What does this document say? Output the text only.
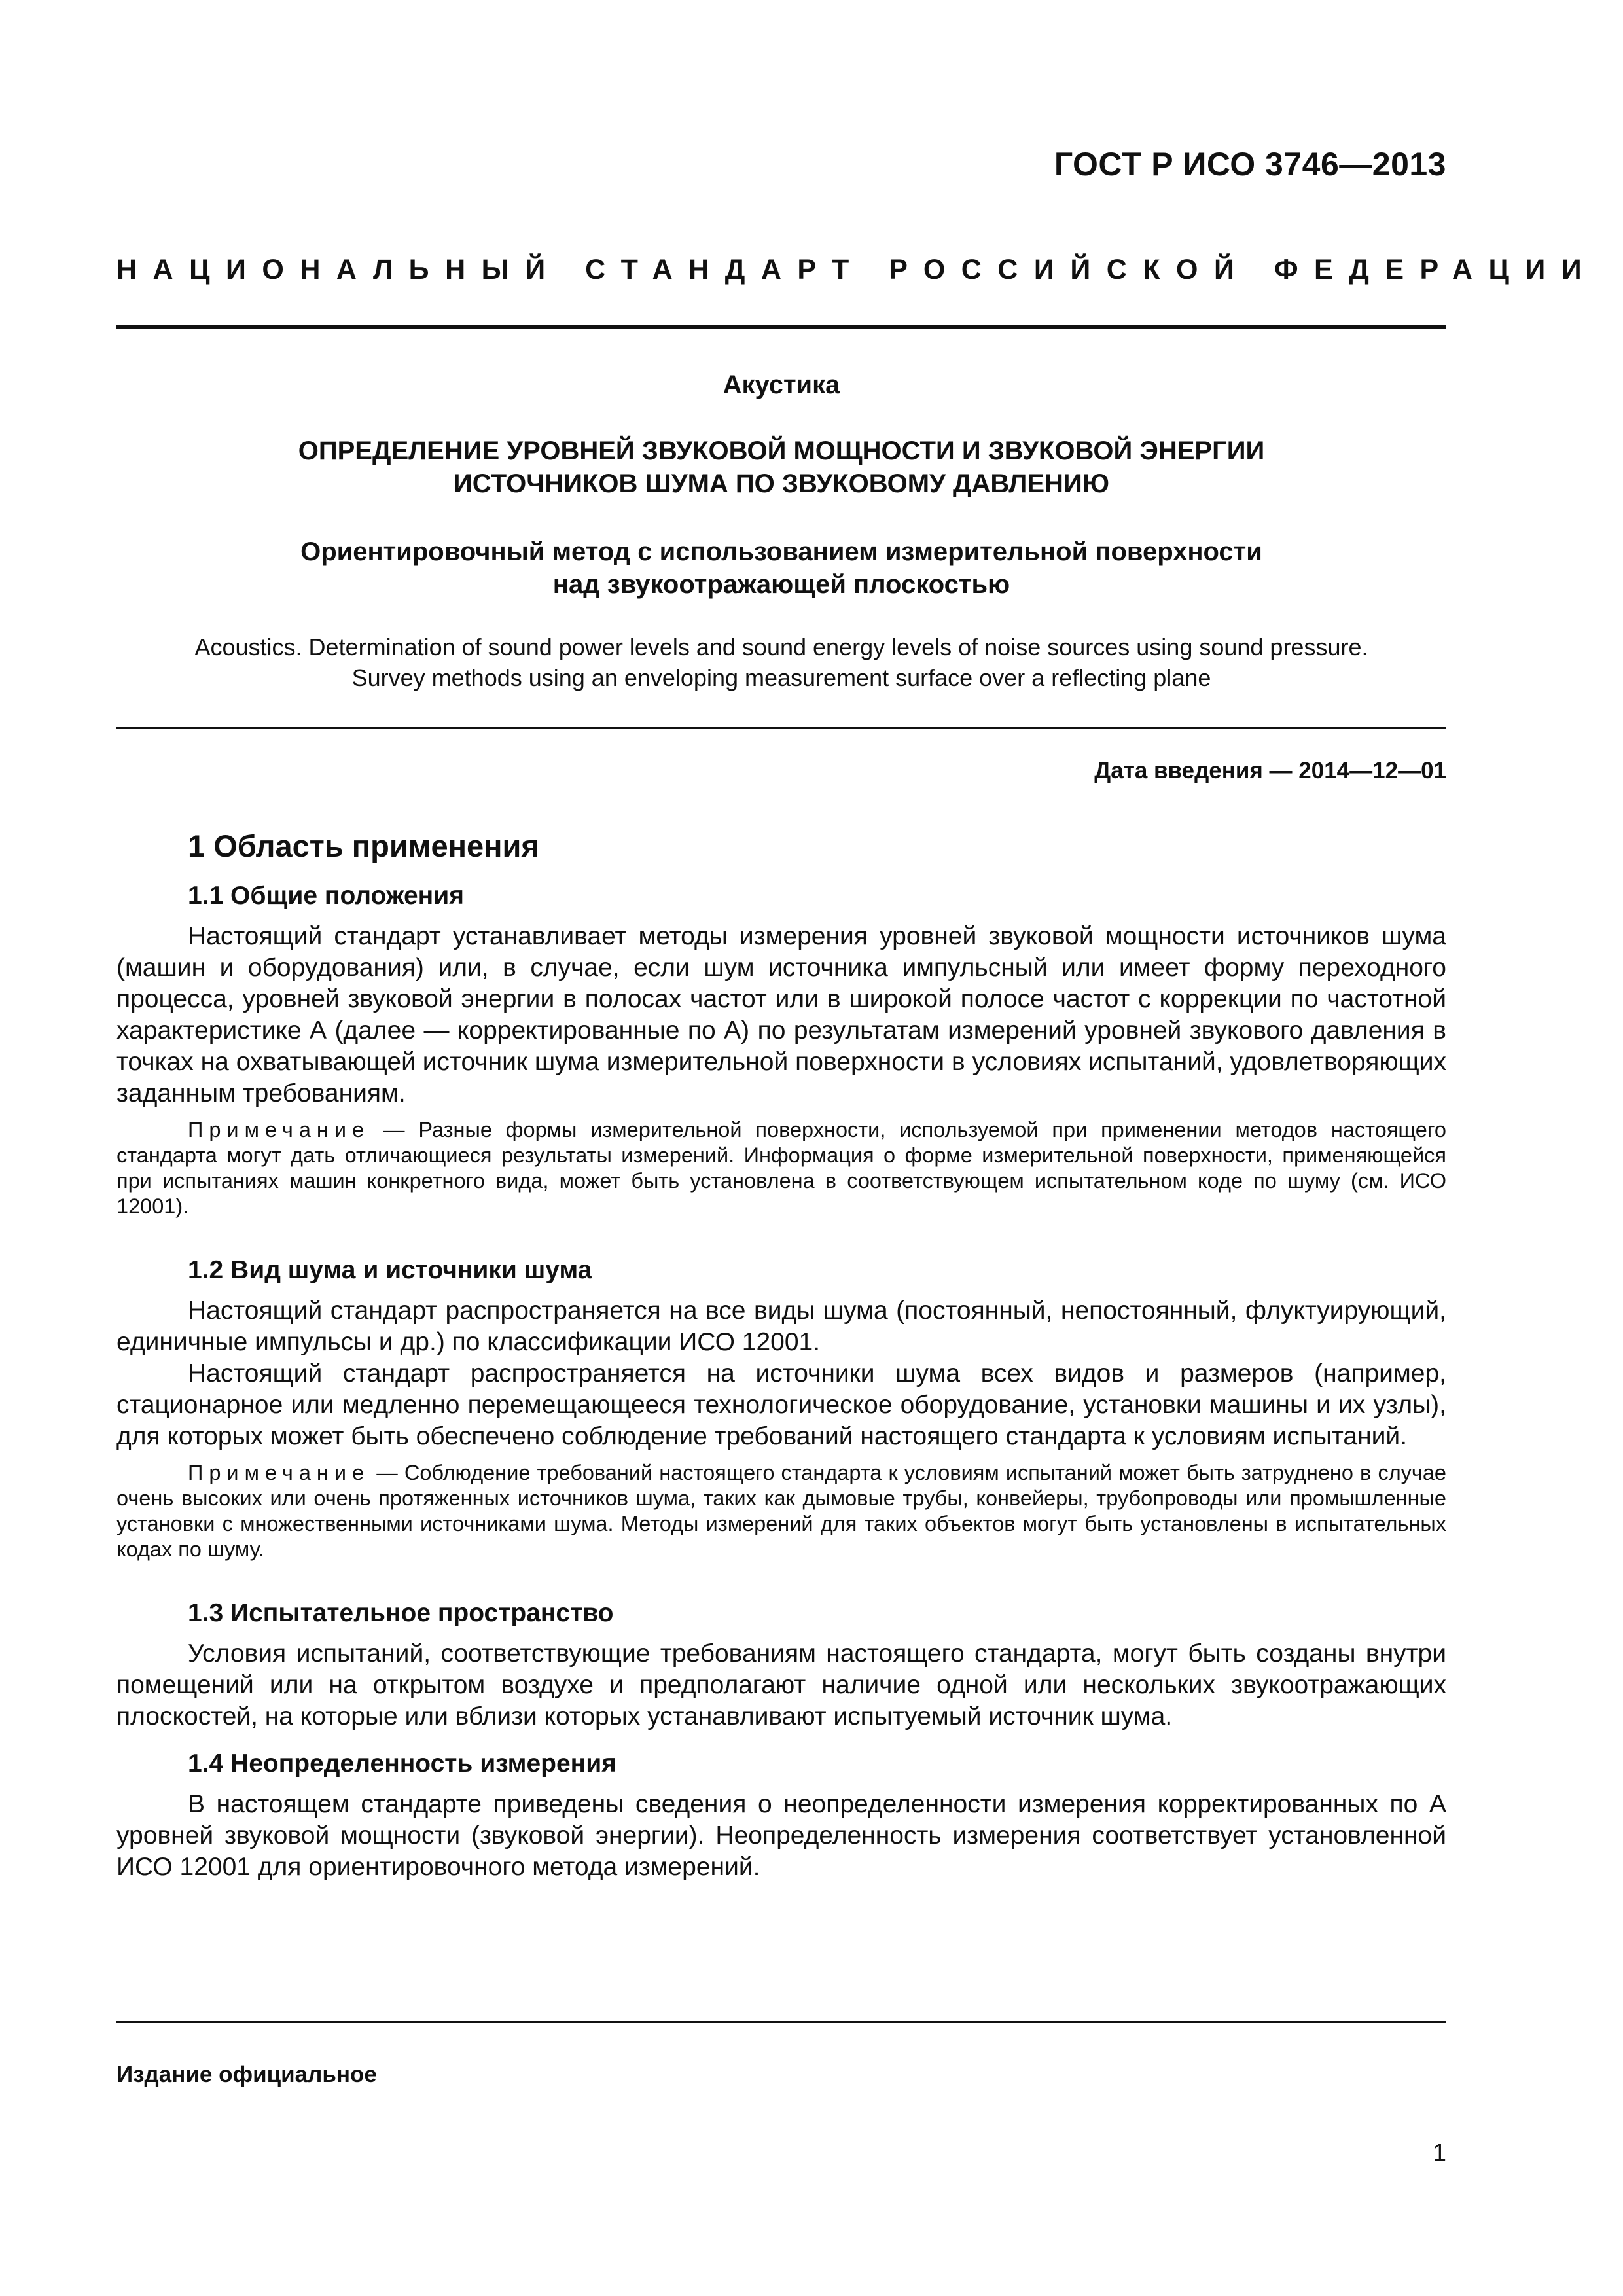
ГОСТ Р ИСО 3746—2013
НАЦИОНАЛЬНЫЙ СТАНДАРТ РОССИЙСКОЙ ФЕДЕРАЦИИ
Акустика
ОПРЕДЕЛЕНИЕ УРОВНЕЙ ЗВУКОВОЙ МОЩНОСТИ И ЗВУКОВОЙ ЭНЕРГИИ
ИСТОЧНИКОВ ШУМА ПО ЗВУКОВОМУ ДАВЛЕНИЮ
Ориентировочный метод с использованием измерительной поверхности
над звукоотражающей плоскостью
Acoustics. Determination of sound power levels and sound energy levels of noise sources using sound pressure.
Survey methods using an enveloping measurement surface over a reflecting plane
Дата введения — 2014—12—01
1 Область применения
1.1 Общие положения

Настоящий стандарт устанавливает методы измерения уровней звуковой мощности источников шума (машин и оборудования) или, в случае, если шум источника импульсный или имеет форму переходного процесса, уровней звуковой энергии в полосах частот или в широкой полосе частот с коррекции по частотной характеристике А (далее — корректированные по А) по результатам измерений уровней звукового давления в точках на охватывающей источник шума измерительной поверхности в условиях испытаний, удовлетворяющих заданным требованиям.

Примечание — Разные формы измерительной поверхности, используемой при применении методов настоящего стандарта могут дать отличающиеся результаты измерений. Информация о форме измерительной поверхности, применяющейся при испытаниях машин конкретного вида, может быть установлена в соответствующем испытательном коде по шуму (см. ИСО 12001).

1.2 Вид шума и источники шума

Настоящий стандарт распространяется на все виды шума (постоянный, непостоянный, флуктуирующий, единичные импульсы и др.) по классификации ИСО 12001.

Настоящий стандарт распространяется на источники шума всех видов и размеров (например, стационарное или медленно перемещающееся технологическое оборудование, установки машины и их узлы), для которых может быть обеспечено соблюдение требований настоящего стандарта к условиям испытаний.

Примечание — Соблюдение требований настоящего стандарта к условиям испытаний может быть затруднено в случае очень высоких или очень протяженных источников шума, таких как дымовые трубы, конвейеры, трубопроводы или промышленные установки с множественными источниками шума. Методы измерений для таких объектов могут быть установлены в испытательных кодах по шуму.

1.3 Испытательное пространство

Условия испытаний, соответствующие требованиям настоящего стандарта, могут быть созданы внутри помещений или на открытом воздухе и предполагают наличие одной или нескольких звукоотражающих плоскостей, на которые или вблизи которых устанавливают испытуемый источник шума.

1.4 Неопределенность измерения

В настоящем стандарте приведены сведения о неопределенности измерения корректированных по А уровней звуковой мощности (звуковой энергии). Неопределенность измерения соответствует установленной ИСО 12001 для ориентировочного метода измерений.

Издание официальное
1
